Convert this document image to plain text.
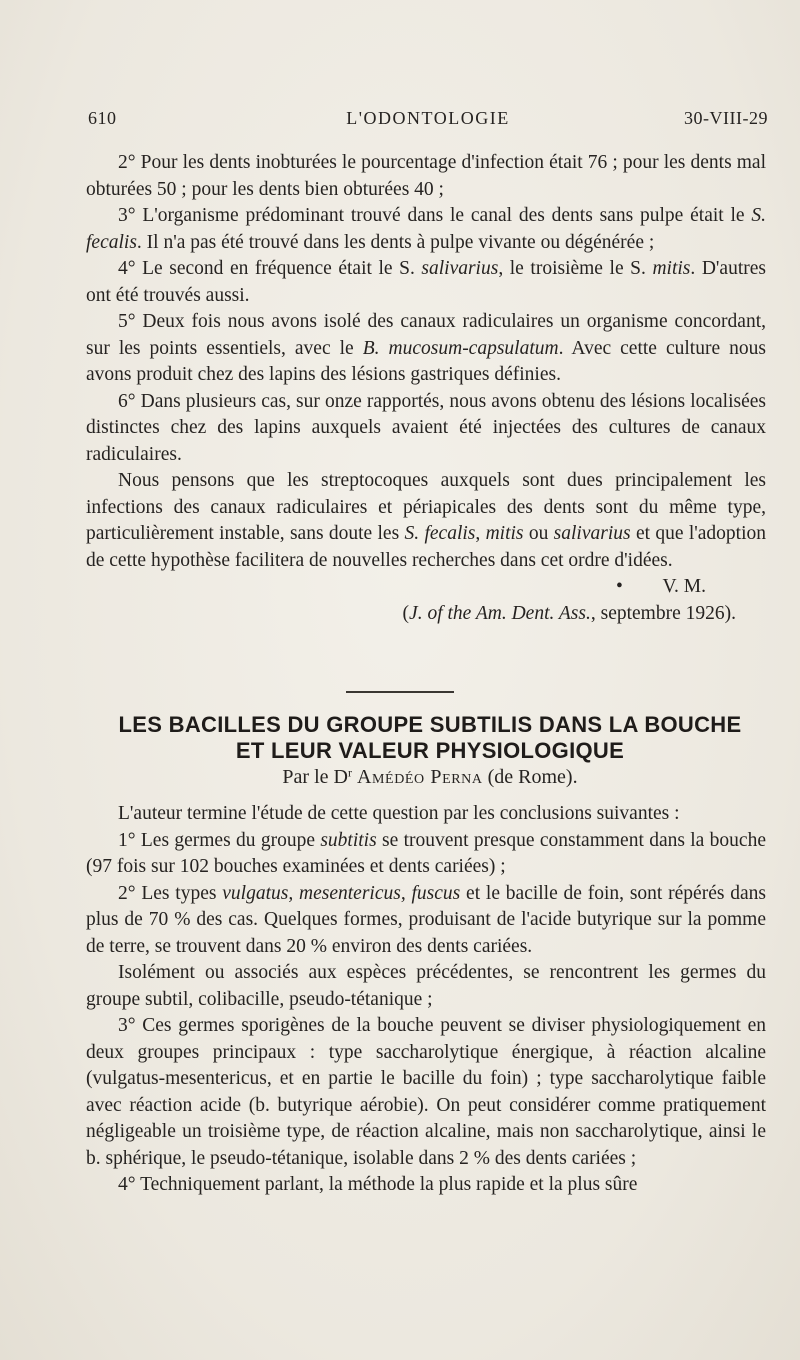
610	L'ODONTOLOGIE	30-VIII-29

2° Pour les dents inobturées le pourcentage d'infection était 76 ; pour les dents mal obturées 50 ; pour les dents bien obturées 40 ;

3° L'organisme prédominant trouvé dans le canal des dents sans pulpe était le S. fecalis. Il n'a pas été trouvé dans les dents à pulpe vivante ou dégénérée ;

4° Le second en fréquence était le S. salivarius, le troisième le S. mitis. D'autres ont été trouvés aussi.

5° Deux fois nous avons isolé des canaux radiculaires un organisme concordant, sur les points essentiels, avec le B. mucosum-capsulatum. Avec cette culture nous avons produit chez des lapins des lésions gastriques définies.

6° Dans plusieurs cas, sur onze rapportés, nous avons obtenu des lésions localisées distinctes chez des lapins auxquels avaient été injectées des cultures de canaux radiculaires.

Nous pensons que les streptocoques auxquels sont dues principalement les infections des canaux radiculaires et périapicales des dents sont du même type, particulièrement instable, sans doute les S. fecalis, mitis ou salivarius et que l'adoption de cette hypothèse facilitera de nouvelles recherches dans cet ordre d'idées.

• V. M.

(J. of the Am. Dent. Ass., septembre 1926).

LES BACILLES DU GROUPE SUBTILIS DANS LA BOUCHE
ET LEUR VALEUR PHYSIOLOGIQUE
Par le $D^r$ Amédéo Perna (de Rome).

L'auteur termine l'étude de cette question par les conclusions suivantes :

1° Les germes du groupe subtitis se trouvent presque constamment dans la bouche (97 fois sur 102 bouches examinées et dents cariées) ;

2° Les types vulgatus, mesentericus, fuscus et le bacille de foin, sont répérés dans plus de 70 % des cas. Quelques formes, produisant de l'acide butyrique sur la pomme de terre, se trouvent dans 20 % environ des dents cariées.

Isolément ou associés aux espèces précédentes, se rencontrent les germes du groupe subtil, colibacille, pseudo-tétanique ;

3° Ces germes sporigènes de la bouche peuvent se diviser physiologiquement en deux groupes principaux : type saccharolytique énergique, à réaction alcaline (vulgatus-mesentericus, et en partie le bacille du foin) ; type saccharolytique faible avec réaction acide (b. butyrique aérobie). On peut considérer comme pratiquement négligeable un troisième type, de réaction alcaline, mais non saccharolytique, ainsi le b. sphérique, le pseudo-tétanique, isolable dans 2 % des dents cariées ;

4° Techniquement parlant, la méthode la plus rapide et la plus sûre
